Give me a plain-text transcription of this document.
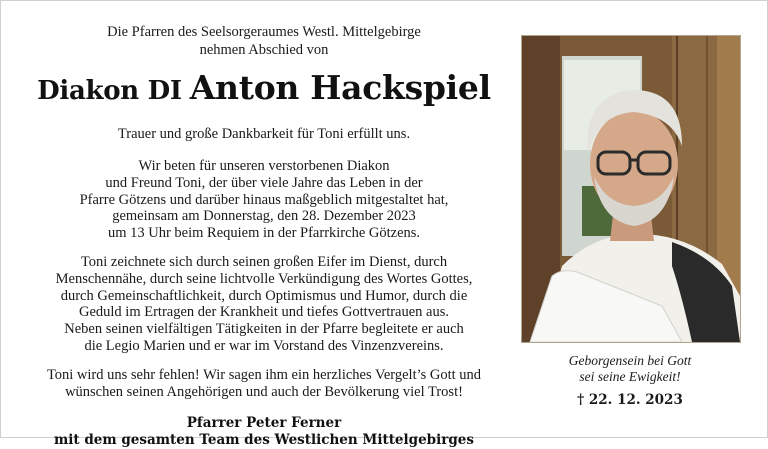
Die Pfarren des Seelsorgeraumes Westl. Mittelgebirge
nehmen Abschied von
Diakon DI Anton Hackspiel
Trauer und große Dankbarkeit für Toni erfüllt uns.
Wir beten für unseren verstorbenen Diakon
und Freund Toni, der über viele Jahre das Leben in der
Pfarre Götzens und darüber hinaus maßgeblich mitgestaltet hat,
gemeinsam am Donnerstag, den 28. Dezember 2023
um 13 Uhr beim Requiem in der Pfarrkirche Götzens.
Toni zeichnete sich durch seinen großen Eifer im Dienst, durch
Menschennähe, durch seine lichtvolle Verkündigung des Wortes Gottes,
durch Gemeinschaftlichkeit, durch Optimismus und Humor, durch die
Geduld im Ertragen der Krankheit und tiefes Gottvertrauen aus.
Neben seinen vielfältigen Tätigkeiten in der Pfarre begleitete er auch
die Legio Marien und er war im Vorstand des Vinzenzvereins.
Toni wird uns sehr fehlen! Wir sagen ihm ein herzliches Vergelt’s Gott und
wünschen seinen Angehörigen und auch der Bevölkerung viel Trost!
Pfarrer Peter Ferner
mit dem gesamten Team des Westlichen Mittelgebirges
Geborgensein bei Gott
sei seine Ewigkeit!
† 22. 12. 2023
